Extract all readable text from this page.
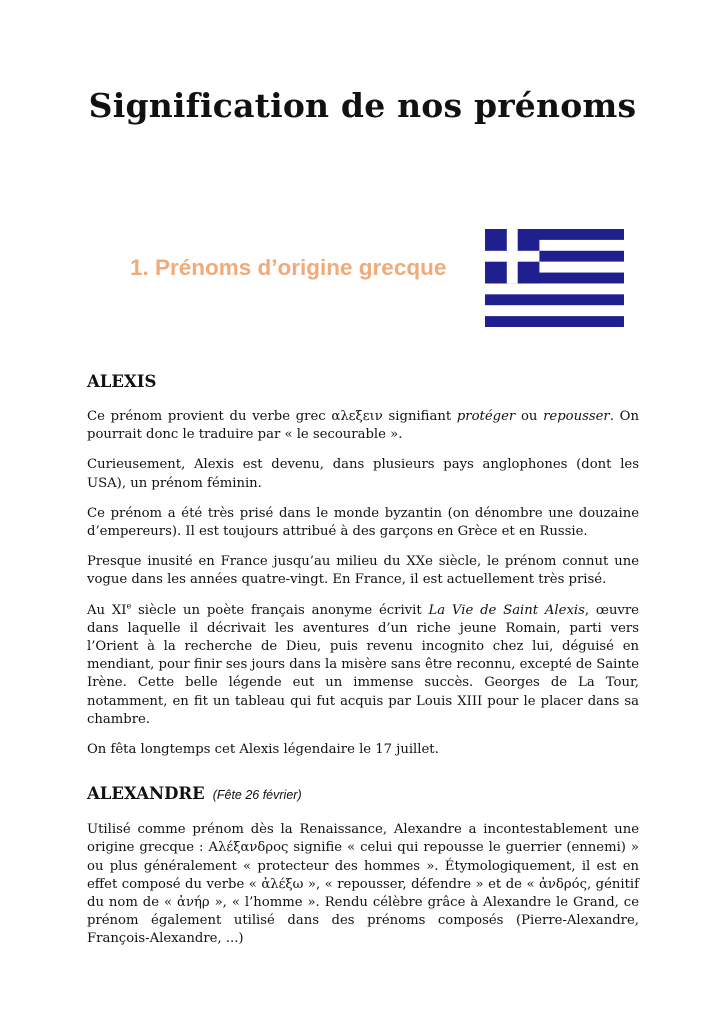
Signification de nos prénoms
1. Prénoms d’origine grecque
ALEXIS

Ce prénom provient du verbe grec αλεξειν signifiant protéger ou repousser. On pourrait donc le traduire par « le secourable ».

Curieusement, Alexis est devenu, dans plusieurs pays anglophones (dont les USA), un prénom féminin.

Ce prénom a été très prisé dans le monde byzantin (on dénombre une douzaine d’empereurs). Il est toujours attribué à des garçons en Grèce et en Russie.

Presque inusité en France jusqu’au milieu du XXe siècle, le prénom connut une vogue dans les années quatre-vingt. En France, il est actuellement très prisé.

Au XIe siècle un poète français anonyme écrivit La Vie de Saint Alexis, œuvre dans laquelle il décrivait les aventures d’un riche jeune Romain, parti vers l’Orient à la recherche de Dieu, puis revenu incognito chez lui, déguisé en mendiant, pour finir ses jours dans la misère sans être reconnu, excepté de Sainte Irène. Cette belle légende eut un immense succès. Georges de La Tour, notamment, en fit un tableau qui fut acquis par Louis XIII pour le placer dans sa chambre.

On fêta longtemps cet Alexis légendaire le 17 juillet.

ALEXANDRE (Fête 26 février)

Utilisé comme prénom dès la Renaissance, Alexandre a incontestablement une origine grecque : Αλέξανδρος signifie « celui qui repousse le guerrier (ennemi) » ou plus généralement « protecteur des hommes ». Étymologiquement, il est en effet composé du verbe « ἀλέξω », « repousser, défendre » et de « ἀνδρός, génitif du nom de « ἀνήρ », « l’homme ». Rendu célèbre grâce à Alexandre le Grand, ce prénom également utilisé dans des prénoms composés (Pierre-Alexandre, François-Alexandre, ...)
